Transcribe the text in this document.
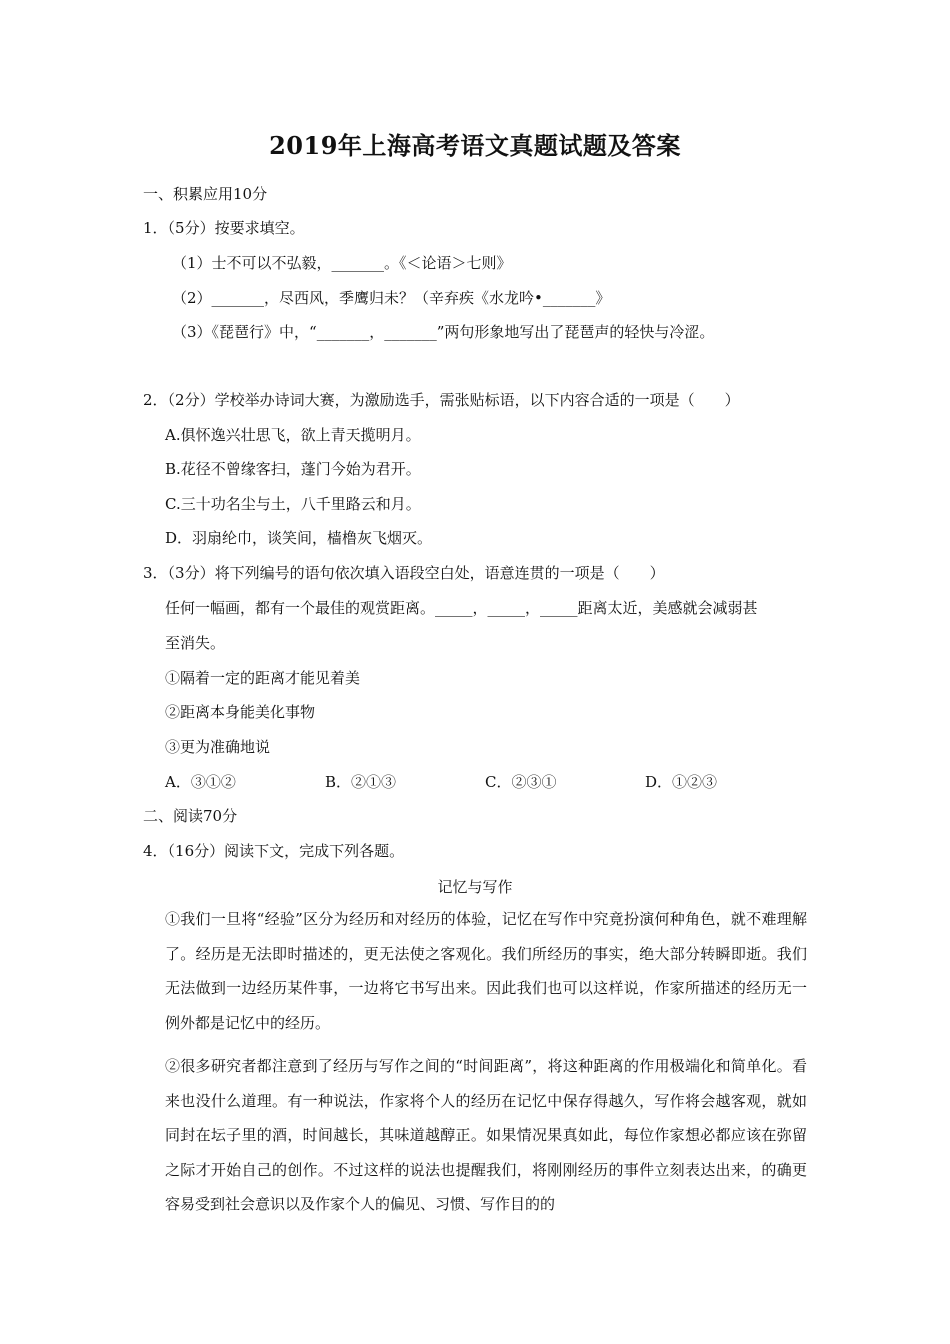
2019年上海高考语文真题试题及答案
一、积累应用10分
1．（5分）按要求填空。
（1）士不可以不弘毅，_______。《＜论语＞七则》
（2）_______，尽西风，季鹰归未？（辛弃疾《水龙吟•_______》
（3）《琵琶行》中，“_______，_______”两句形象地写出了琵琶声的轻快与冷涩。
2．（2分）学校举办诗词大赛，为激励选手，需张贴标语，以下内容合适的一项是（　　）
A.俱怀逸兴壮思飞，欲上青天揽明月。
B.花径不曾缘客扫，蓬门今始为君开。
C.三十功名尘与土，八千里路云和月。
D．羽扇纶巾，谈笑间，樯橹灰飞烟灭。
3．（3分）将下列编号的语句依次填入语段空白处，语意连贯的一项是（　　）
任何一幅画，都有一个最佳的观赏距离。_____，_____，_____距离太近，美感就会减弱甚
至消失。
①隔着一定的距离才能见着美
②距离本身能美化事物
③更为准确地说
A．③①②	B．②①③	C．②③①	D．①②③
二、阅读70分
4．（16分）阅读下文，完成下列各题。
记忆与写作
①我们一旦将“经验”区分为经历和对经历的体验，记忆在写作中究竟扮演何种角色，就不难理解了。经历是无法即时描述的，更无法使之客观化。我们所经历的事实，绝大部分转瞬即逝。我们无法做到一边经历某件事，一边将它书写出来。因此我们也可以这样说，作家所描述的经历无一例外都是记忆中的经历。
②很多研究者都注意到了经历与写作之间的“时间距离”，将这种距离的作用极端化和简单化。看来也没什么道理。有一种说法，作家将个人的经历在记忆中保存得越久，写作将会越客观，就如同封在坛子里的酒，时间越长，其味道越醇正。如果情况果真如此，每位作家想必都应该在弥留之际才开始自己的创作。不过这样的说法也提醒我们，将刚刚经历的事件立刻表达出来，的确更容易受到社会意识以及作家个人的偏见、习惯、写作目的的
